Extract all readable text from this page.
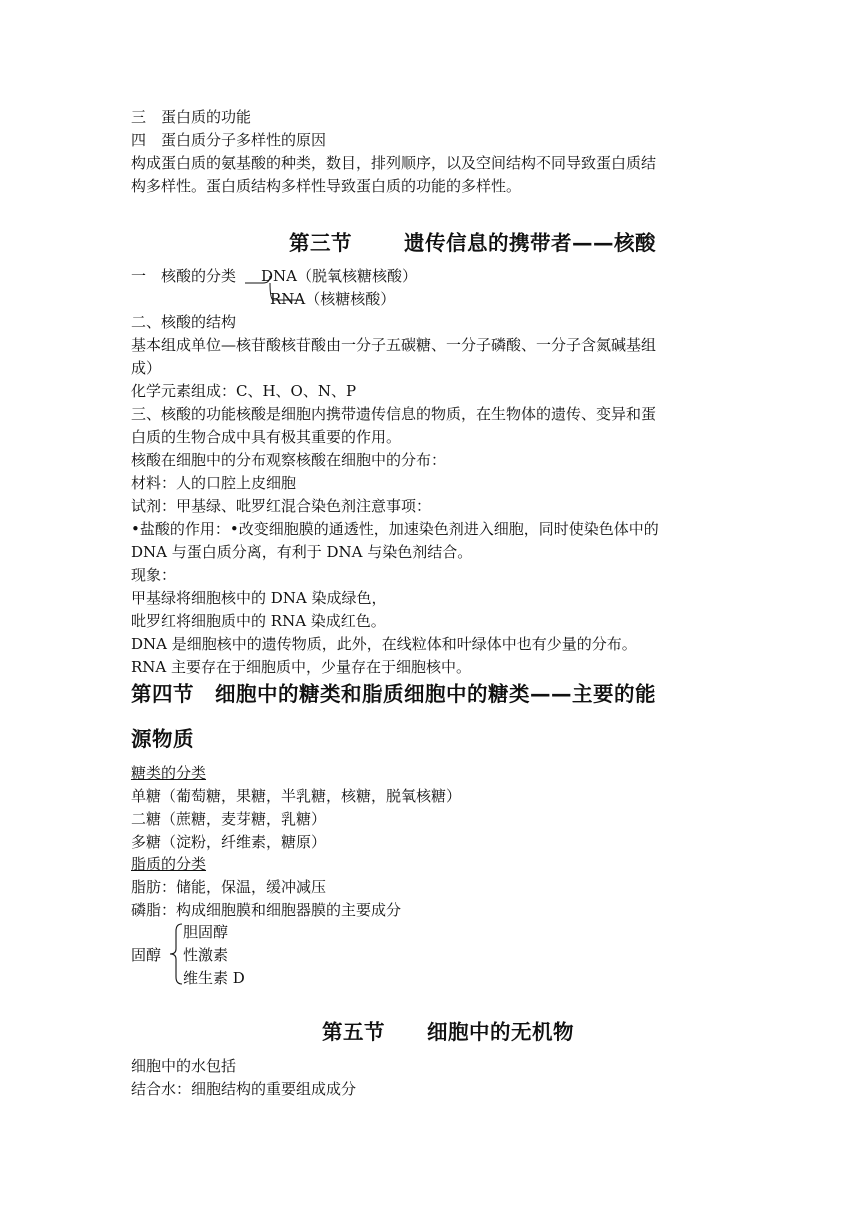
三　蛋白质的功能
四　蛋白质分子多样性的原因
构成蛋白质的氨基酸的种类，数目，排列顺序，以及空间结构不同导致蛋白质结
构多样性。蛋白质结构多样性导致蛋白质的功能的多样性。
第三节	遗传信息的携带者——核酸
一　核酸的分类 DNA（脱氧核糖核酸）
RNA（核糖核酸）
二、核酸的结构
基本组成单位—核苷酸核苷酸由一分子五碳糖、一分子磷酸、一分子含氮碱基组
成）
化学元素组成：C、H、O、N、P
三、核酸的功能核酸是细胞内携带遗传信息的物质，在生物体的遗传、变异和蛋
白质的生物合成中具有极其重要的作用。
核酸在细胞中的分布观察核酸在细胞中的分布：
材料：人的口腔上皮细胞
试剂：甲基绿、吡罗红混合染色剂注意事项：
•盐酸的作用：•改变细胞膜的通透性，加速染色剂进入细胞，同时使染色体中的
DNA 与蛋白质分离，有利于 DNA 与染色剂结合。
现象：
甲基绿将细胞核中的 DNA 染成绿色，
吡罗红将细胞质中的 RNA 染成红色。
DNA 是细胞核中的遗传物质，此外，在线粒体和叶绿体中也有少量的分布。
RNA 主要存在于细胞质中，少量存在于细胞核中。
第四节　细胞中的糖类和脂质细胞中的糖类——主要的能
源物质
糖类的分类
单糖（葡萄糖，果糖，半乳糖，核糖，脱氧核糖）
二糖（蔗糖，麦芽糖，乳糖）
多糖（淀粉，纤维素，糖原）
脂质的分类
脂肪：储能，保温，缓冲减压
磷脂：构成细胞膜和细胞器膜的主要成分
固醇
胆固醇
性激素
维生素 D
第五节 细胞中的无机物
细胞中的水包括
结合水：细胞结构的重要组成成分
